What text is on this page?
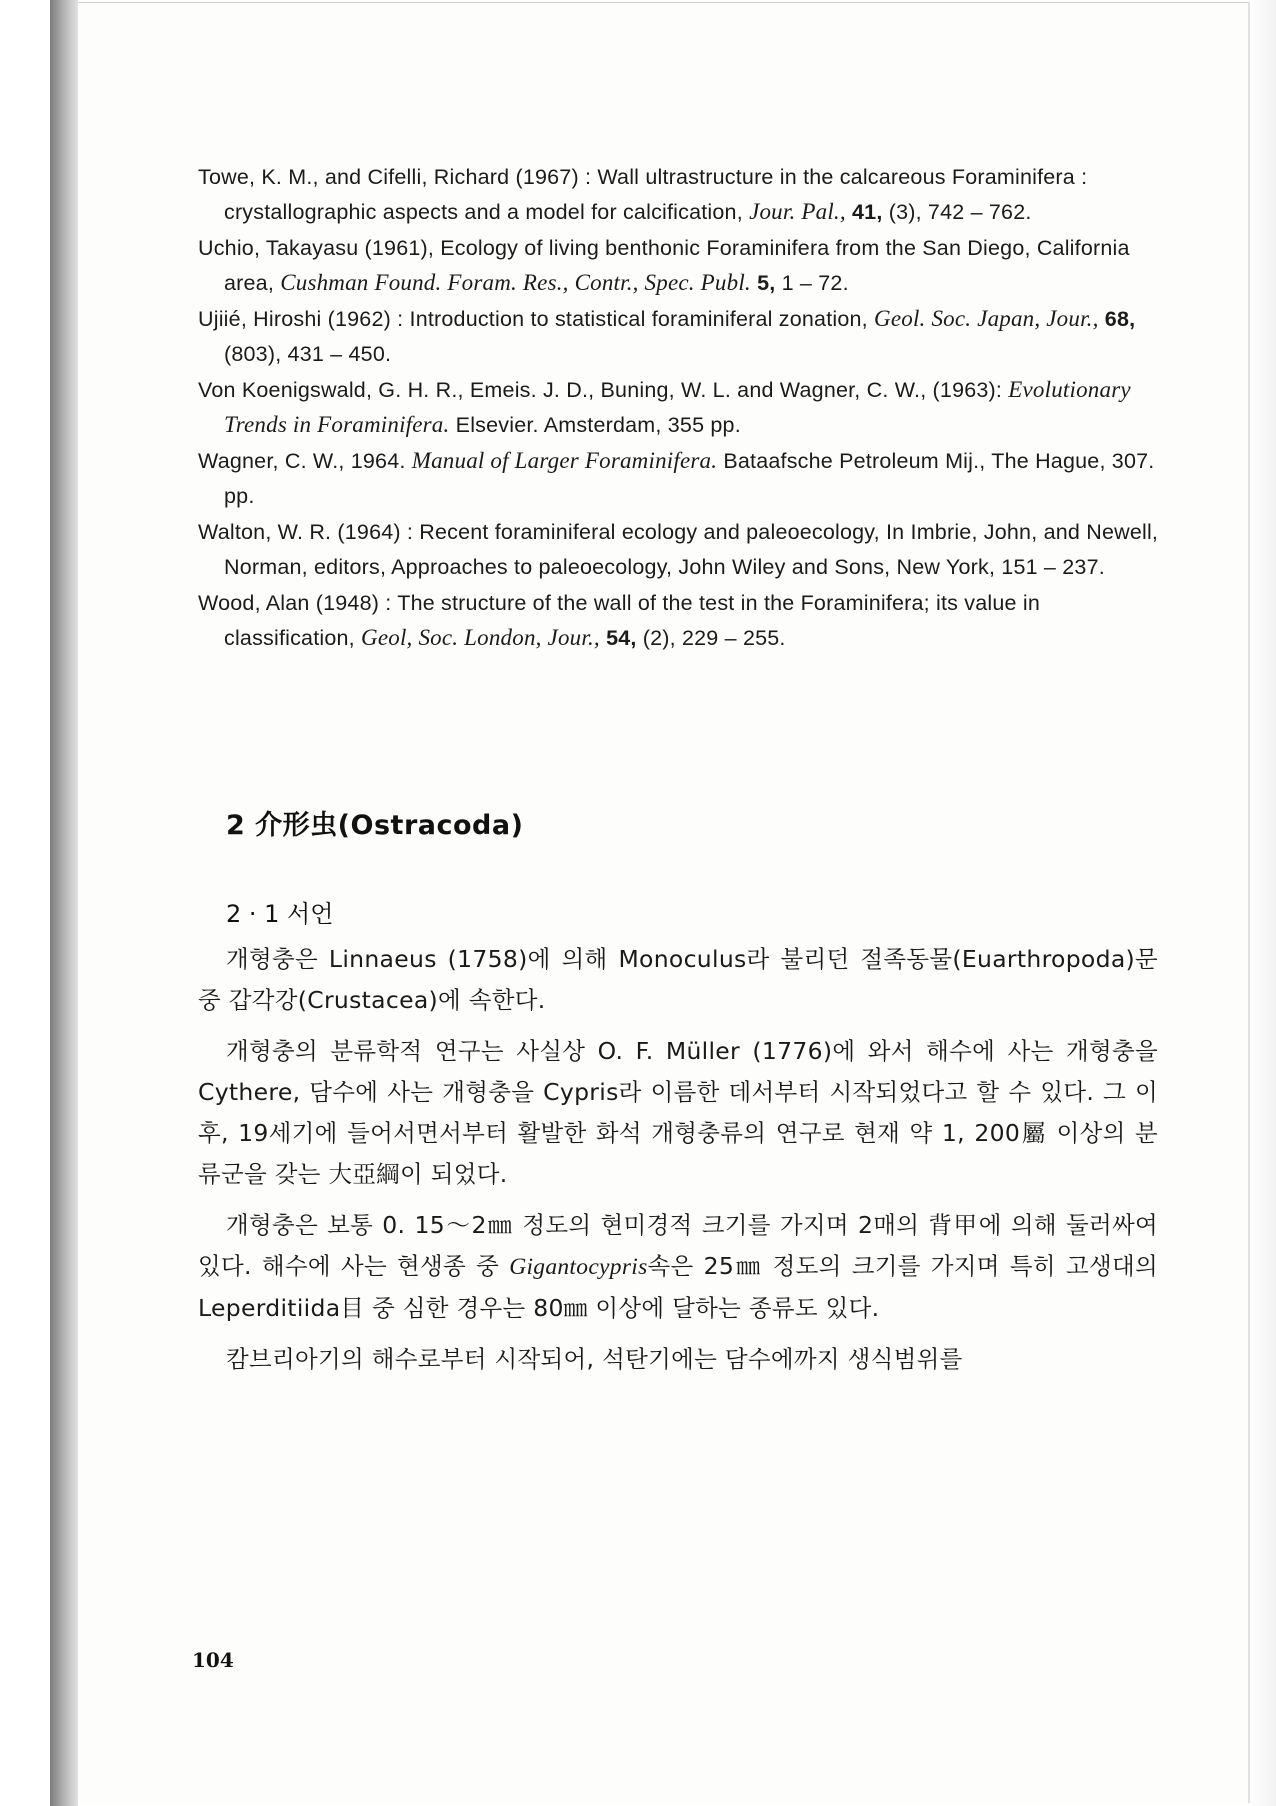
Towe, K. M., and Cifelli, Richard (1967) : Wall ultrastructure in the calcareous Foraminifera : crystallographic aspects and a model for calcification, Jour. Pal., 41, (3), 742 – 762.
Uchio, Takayasu (1961), Ecology of living benthonic Foraminifera from the San Diego, California area, Cushman Found. Foram. Res., Contr., Spec. Publ. 5, 1 – 72.
Ujiié, Hiroshi (1962) : Introduction to statistical foraminiferal zonation, Geol. Soc. Japan, Jour., 68, (803), 431 – 450.
Von Koenigswald, G. H. R., Emeis. J. D., Buning, W. L. and Wagner, C. W., (1963): Evolutionary Trends in Foraminifera. Elsevier. Amsterdam, 355 pp.
Wagner, C. W., 1964. Manual of Larger Foraminifera. Bataafsche Petroleum Mij., The Hague, 307. pp.
Walton, W. R. (1964) : Recent foraminiferal ecology and paleoecology, In Imbrie, John, and Newell, Norman, editors, Approaches to paleoecology, John Wiley and Sons, New York, 151 – 237.
Wood, Alan (1948) : The structure of the wall of the test in the Foraminifera; its value in classification, Geol, Soc. London, Jour., 54, (2), 229 – 255.
2 介形虫(Ostracoda)
2 · 1 서언

개형충은 Linnaeus (1758)에 의해 Monoculus라 불리던 절족동물(Euarthropoda)문 중 갑각강(Crustacea)에 속한다.

개형충의 분류학적 연구는 사실상 O. F. Müller (1776)에 와서 해수에 사는 개형충을 Cythere, 담수에 사는 개형충을 Cypris라 이름한 데서부터 시작되었다고 할 수 있다. 그 이후, 19세기에 들어서면서부터 활발한 화석 개형충류의 연구로 현재 약 1, 200屬 이상의 분류군을 갖는 大亞綱이 되었다.

개형충은 보통 0. 15～2㎜ 정도의 현미경적 크기를 가지며 2매의 背甲에 의해 둘러싸여 있다. 해수에 사는 현생종 중 Gigantocypris속은 25㎜ 정도의 크기를 가지며 특히 고생대의 Leperditiida目 중 심한 경우는 80㎜ 이상에 달하는 종류도 있다.

캄브리아기의 해수로부터 시작되어, 석탄기에는 담수에까지 생식범위를

104
